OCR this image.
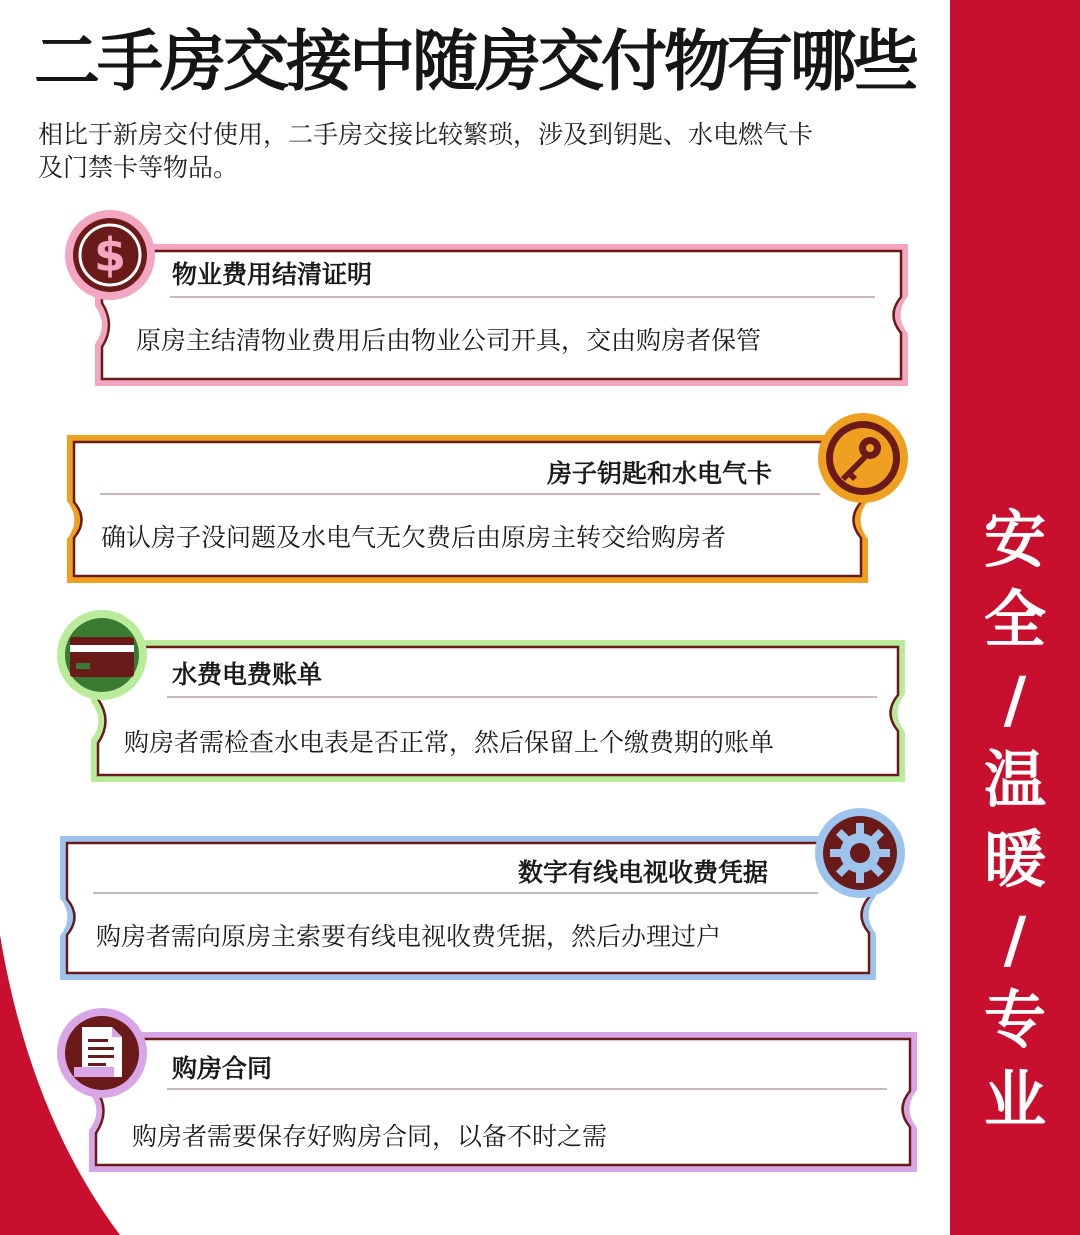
安
全
/
温
暖
/
专
业
二手房交接中随房交付物有哪些
相比于新房交付使用，二手房交接比较繁琐，涉及到钥匙、水电燃气卡
及门禁卡等物品。
$ 物业费用结清证明
原房主结清物业费用后由物业公司开具，交由购房者保管
房子钥匙和水电气卡
确认房子没问题及水电气无欠费后由原房主转交给购房者
水费电费账单
购房者需检查水电表是否正常，然后保留上个缴费期的账单
数字有线电视收费凭据
购房者需向原房主索要有线电视收费凭据，然后办理过户
购房合同
购房者需要保存好购房合同，以备不时之需
